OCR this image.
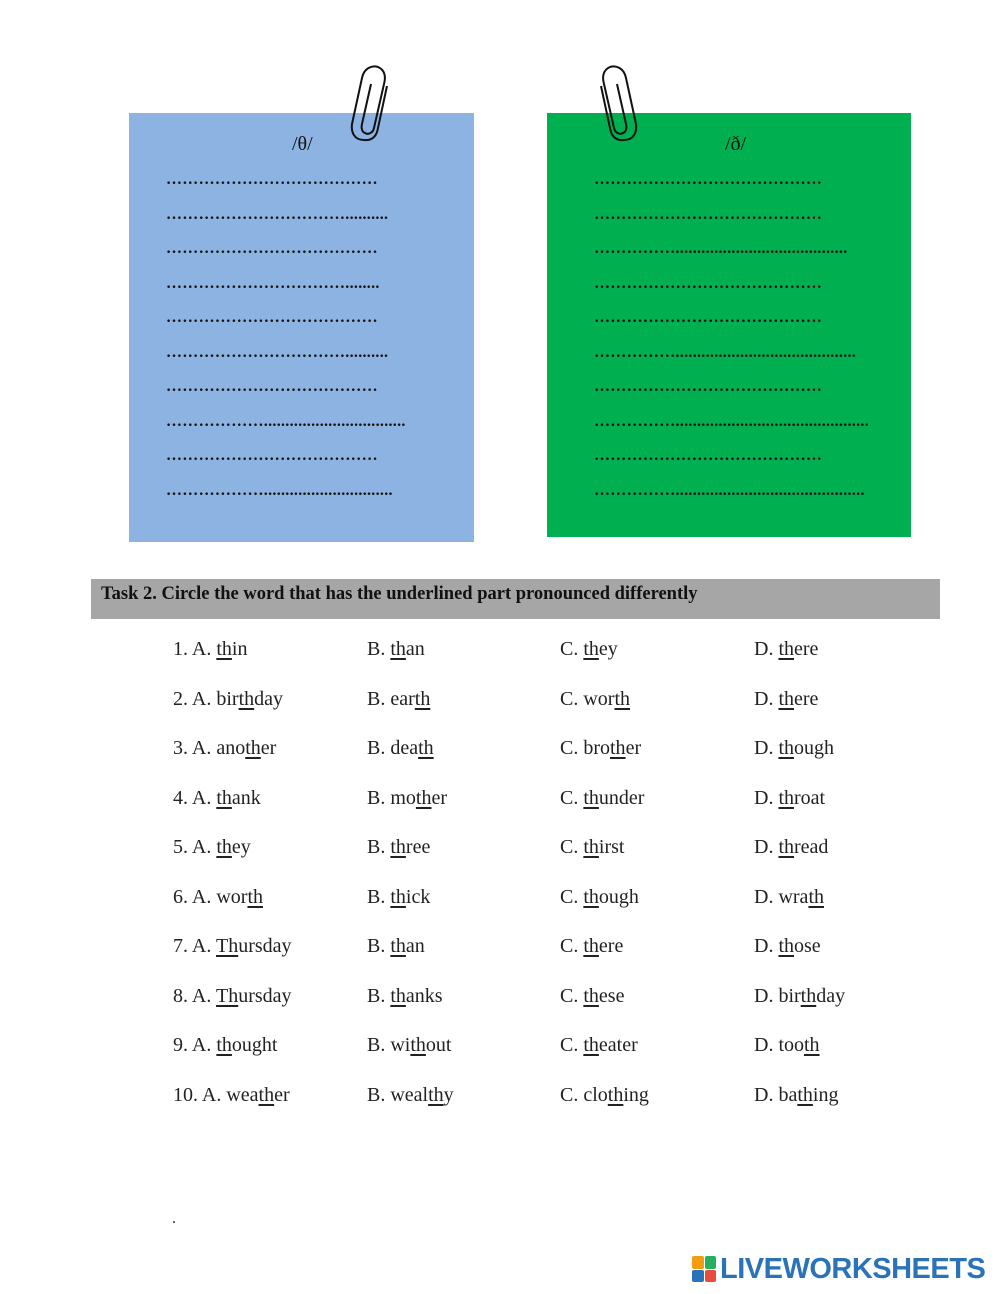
/θ/
…………………………………
……………………………..........
…………………………………
……………………………........
…………………………………
……………………………..........
…………………………………
……………….................................
…………………………………
………………..............................
/ð/
……………………………………
……………………………………
……………........................................
……………………………………
……………………………………
……………..........................................
……………………………………
…………….............................................
……………………………………
……………............................................
Task 2. Circle the word that has the underlined part pronounced differently
1. A. thin	B. than	C. they	D. there
2. A. birthday	B. earth	C. worth	D. there
3. A. another	B. death	C. brother	D. though
4. A. thank	B. mother	C. thunder	D. throat
5. A. they	B. three	C. thirst	D. thread
6. A. worth	B. thick	C. though	D. wrath
7. A. Thursday	B. than	C. there	D. those
8. A. Thursday	B. thanks	C. these	D. birthday
9. A. thought	B. without	C. theater	D. tooth
10. A. weather	B. wealthy	C. clothing	D. bathing
.
LIVEWORKSHEETS
